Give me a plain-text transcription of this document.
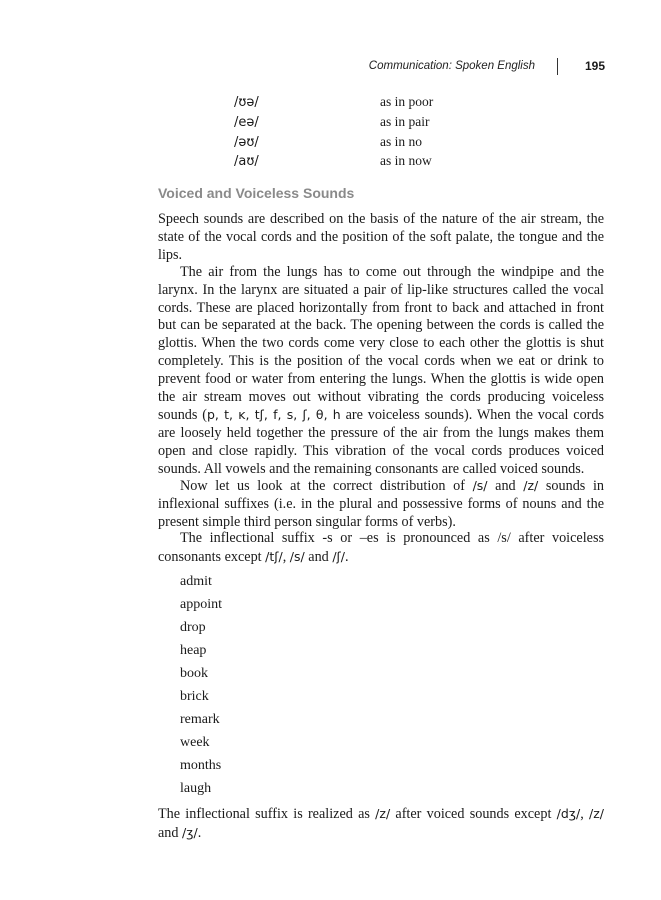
Communication: Spoken English	195
/ʊə/	as in poor
/eə/	as in pair
/əʊ/	as in no
/aʊ/	as in now
Voiced and Voiceless Sounds

Speech sounds are described on the basis of the nature of the air stream, the state of the vocal cords and the position of the soft palate, the tongue and the lips.

The air from the lungs has to come out through the windpipe and the larynx. In the larynx are situated a pair of lip-like structures called the vocal cords. These are placed horizontally from front to back and attached in front but can be separated at the back. The opening between the cords is called the glottis. When the two cords come very close to each other the glottis is shut completely. This is the position of the vocal cords when we eat or drink to prevent food or water from entering the lungs. When the glottis is wide open the air stream moves out without vibrating the cords producing voiceless sounds (p, t, ĸ, tʃ, f, s, ʃ, θ, h are voiceless sounds). When the vocal cords are loosely held together the pressure of the air from the lungs makes them open and close rapidly. This vibration of the vocal cords produces voiced sounds. All vowels and the remaining consonants are called voiced sounds.

Now let us look at the correct distribution of /s/ and /z/ sounds in inflexional suffixes (i.e. in the plural and possessive forms of nouns and the present simple third person singular forms of verbs).

The inflectional suffix -s or –es is pronounced as /s/ after voiceless consonants except /tʃ/, /s/ and /ʃ/.

admit
appoint
drop
heap
book
brick
remark
week
months
laugh

The inflectional suffix is realized as /z/ after voiced sounds except /dʒ/, /z/ and /ʒ/.
